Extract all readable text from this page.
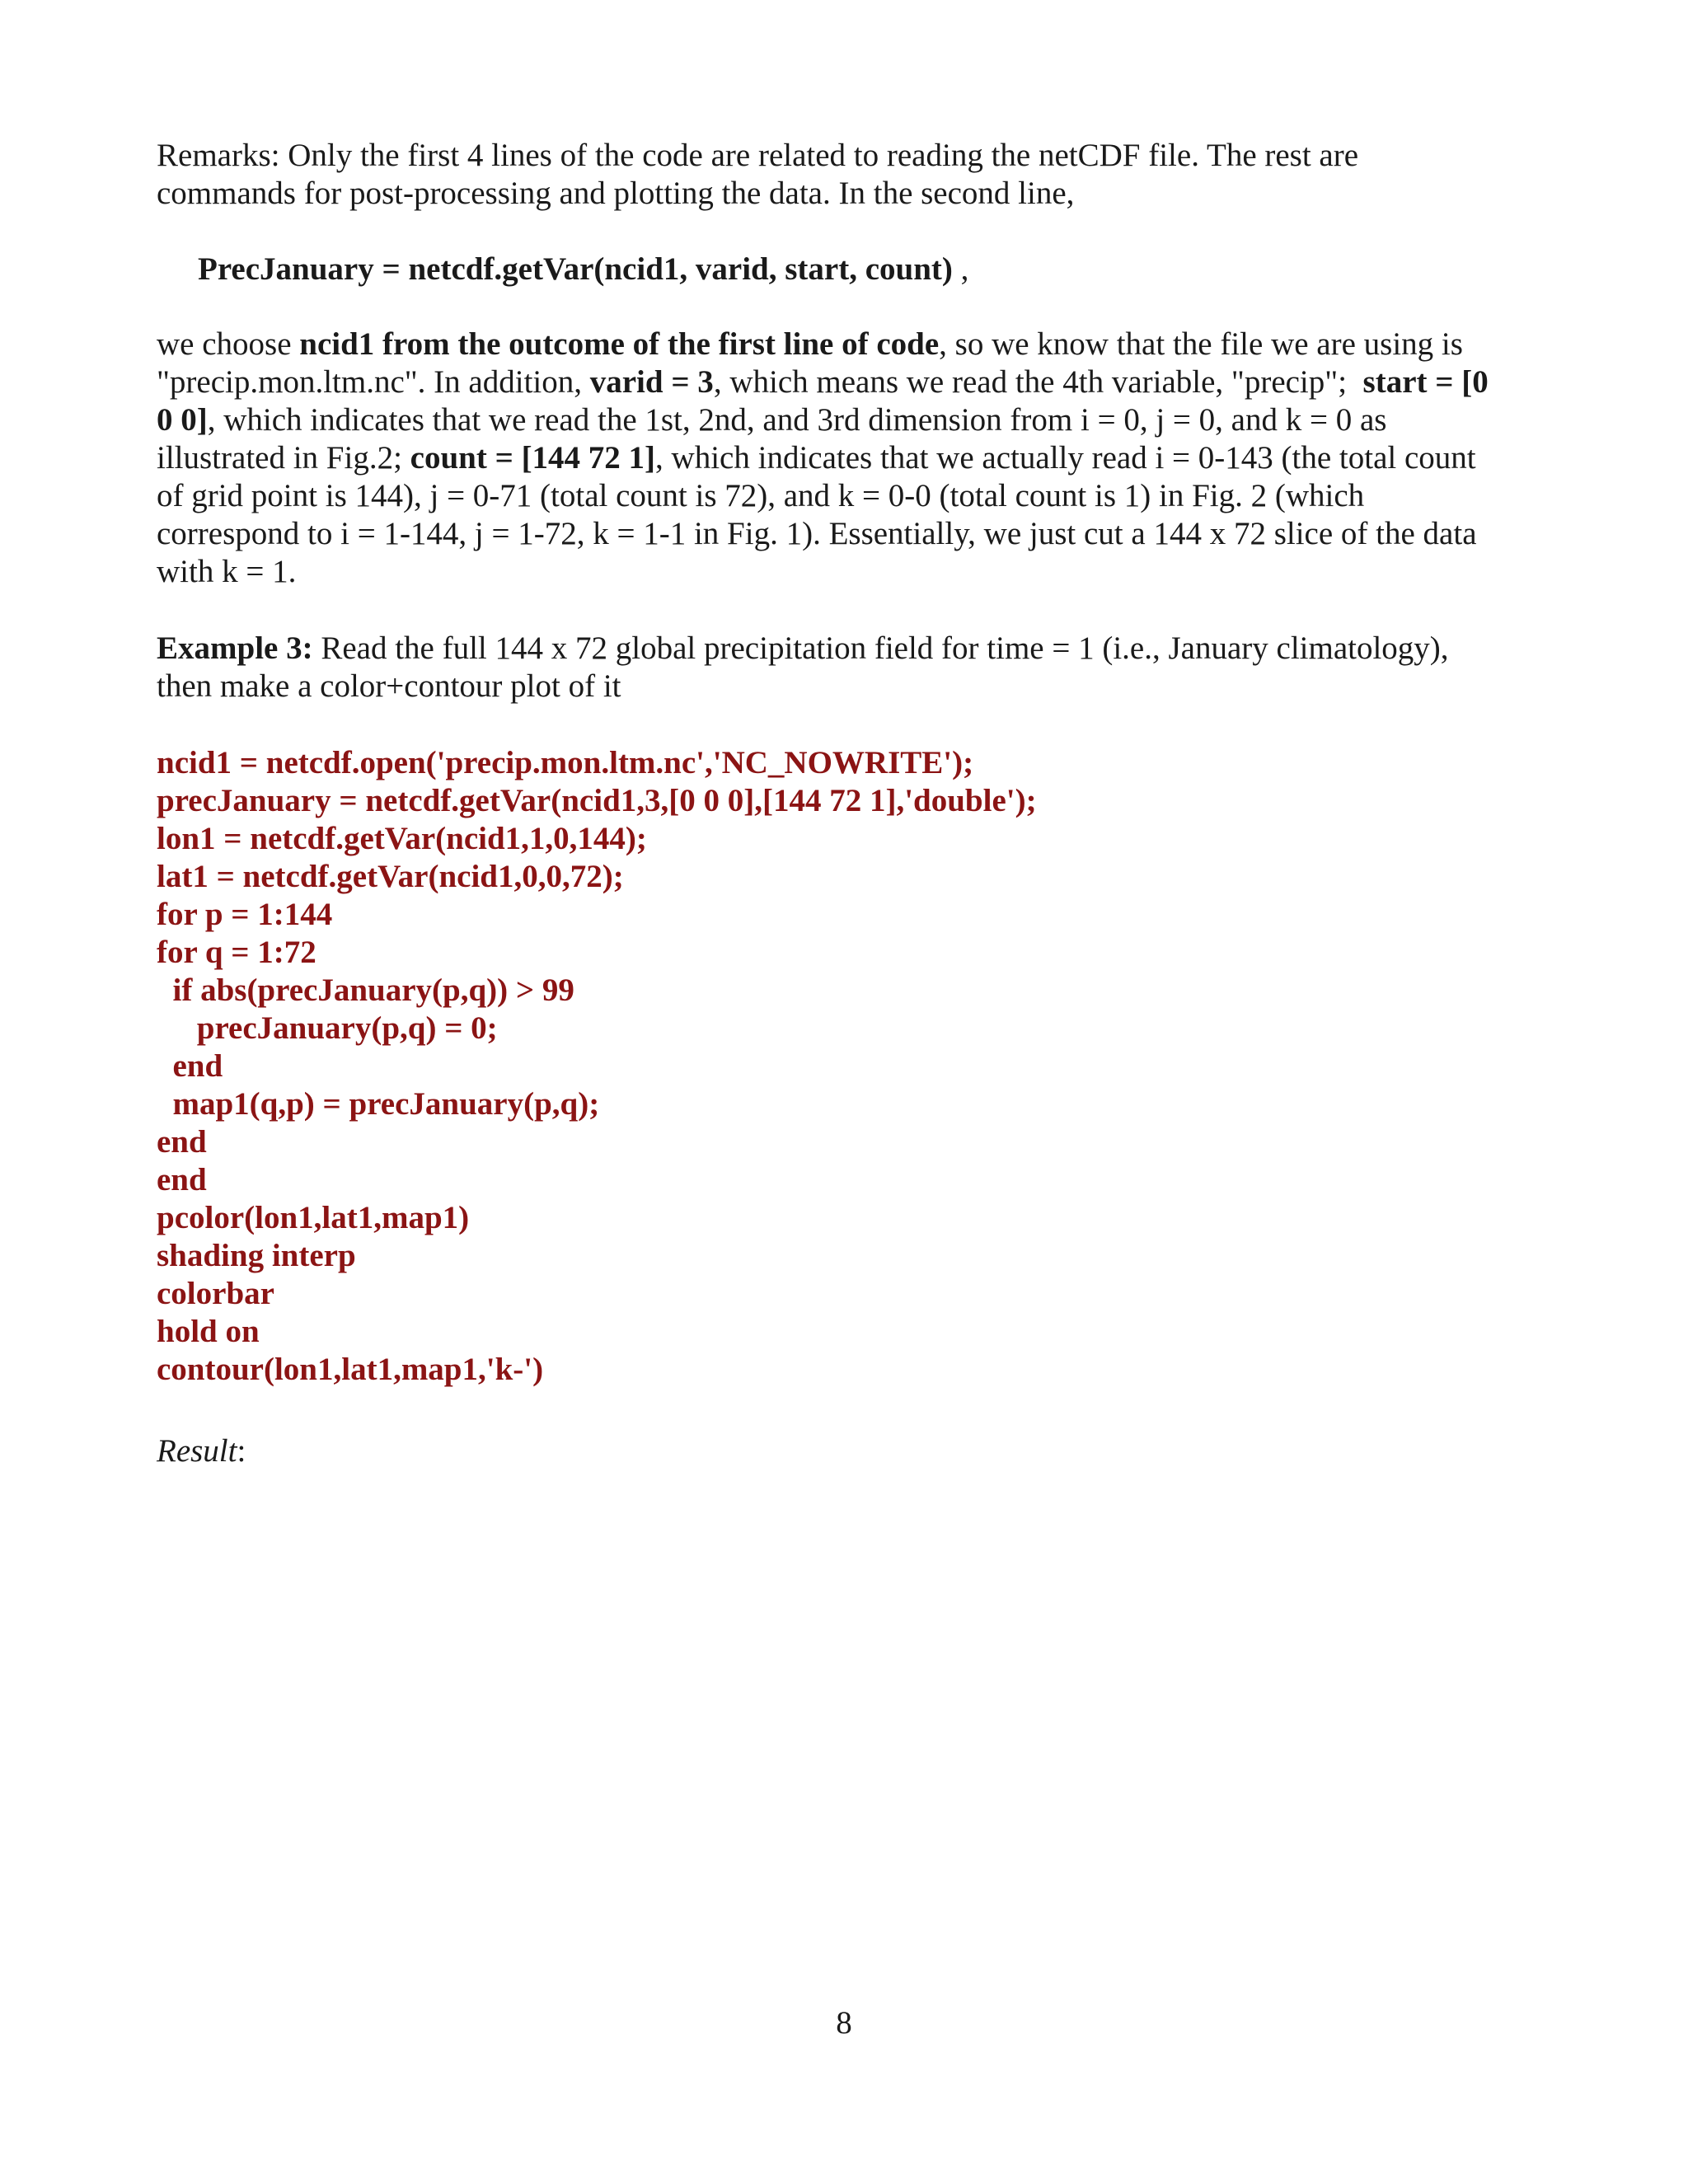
Remarks: Only the first 4 lines of the code are related to reading the netCDF file. The rest are

commands for post-processing and plotting the data. In the second line,

PrecJanuary = netcdf.getVar(ncid1, varid, start, count) ,

we choose ncid1 from the outcome of the first line of code, so we know that the file we are using is

"precip.mon.ltm.nc". In addition, varid = 3, which means we read the 4th variable, "precip";  start = [0

0 0], which indicates that we read the 1st, 2nd, and 3rd dimension from i = 0, j = 0, and k = 0 as

illustrated in Fig.2; count = [144 72 1], which indicates that we actually read i = 0-143 (the total count

of grid point is 144), j = 0-71 (total count is 72), and k = 0-0 (total count is 1) in Fig. 2 (which

correspond to i = 1-144, j = 1-72, k = 1-1 in Fig. 1). Essentially, we just cut a 144 x 72 slice of the data

with k = 1.

Example 3: Read the full 144 x 72 global precipitation field for time = 1 (i.e., January climatology),

then make a color+contour plot of it

ncid1 = netcdf.open('precip.mon.ltm.nc','NC_NOWRITE');
precJanuary = netcdf.getVar(ncid1,3,[0 0 0],[144 72 1],'double');
lon1 = netcdf.getVar(ncid1,1,0,144);
lat1 = netcdf.getVar(ncid1,0,0,72);
for p = 1:144
for q = 1:72
if abs(precJanuary(p,q)) > 99
precJanuary(p,q) = 0;
end
map1(q,p) = precJanuary(p,q);
end
end
pcolor(lon1,lat1,map1)
shading interp
colorbar
hold on
contour(lon1,lat1,map1,'k-')
Result:
8
